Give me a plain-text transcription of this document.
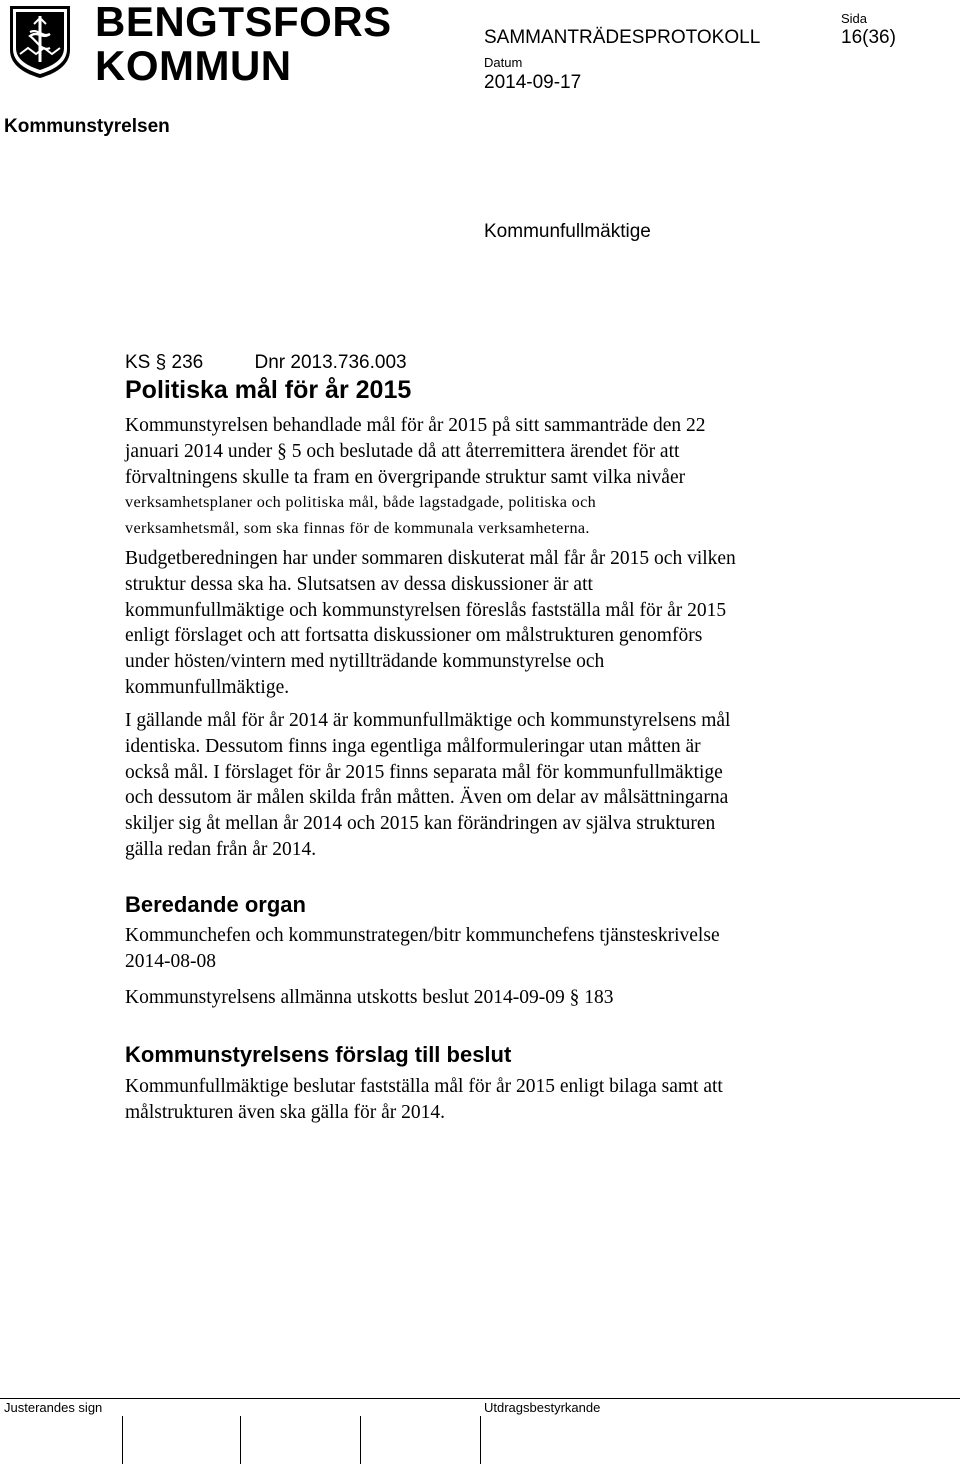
BENGTSFORS
KOMMUN
SAMMANTRÄDESPROTOKOLL
Sida
16(36)
Datum
2014-09-17
Kommunstyrelsen
Kommunfullmäktige
KS § 236	Dnr 2013.736.003
Politiska mål för år 2015
Kommunstyrelsen behandlade mål för år 2015 på sitt sammanträde den 22
januari 2014 under § 5 och beslutade då att återremittera ärendet för att
förvaltningens skulle ta fram en övergripande struktur samt vilka nivåer
verksamhetsplaner och politiska mål, både lagstadgade, politiska och
verksamhetsmål, som ska finnas för de kommunala verksamheterna.
Budgetberedningen har under sommaren diskuterat mål får år 2015 och vilken
struktur dessa ska ha. Slutsatsen av dessa diskussioner är att
kommunfullmäktige och kommunstyrelsen föreslås fastställa mål för år 2015
enligt förslaget och att fortsatta diskussioner om målstrukturen genomförs
under hösten/vintern med nytillträdande kommunstyrelse och
kommunfullmäktige.
I gällande mål för år 2014 är kommunfullmäktige och kommunstyrelsens mål
identiska. Dessutom finns inga egentliga målformuleringar utan måtten är
också mål. I förslaget för år 2015 finns separata mål för kommunfullmäktige
och dessutom är målen skilda från måtten. Även om delar av målsättningarna
skiljer sig åt mellan år 2014 och 2015 kan förändringen av själva strukturen
gälla redan från år 2014.
Beredande organ
Kommunchefen och kommunstrategen/bitr kommunchefens tjänsteskrivelse
2014-08-08
Kommunstyrelsens allmänna utskotts beslut 2014-09-09 § 183
Kommunstyrelsens förslag till beslut
Kommunfullmäktige beslutar fastställa mål för år 2015 enligt bilaga samt att
målstrukturen även ska gälla för år 2014.
Justerandes sign	Utdragsbestyrkande
